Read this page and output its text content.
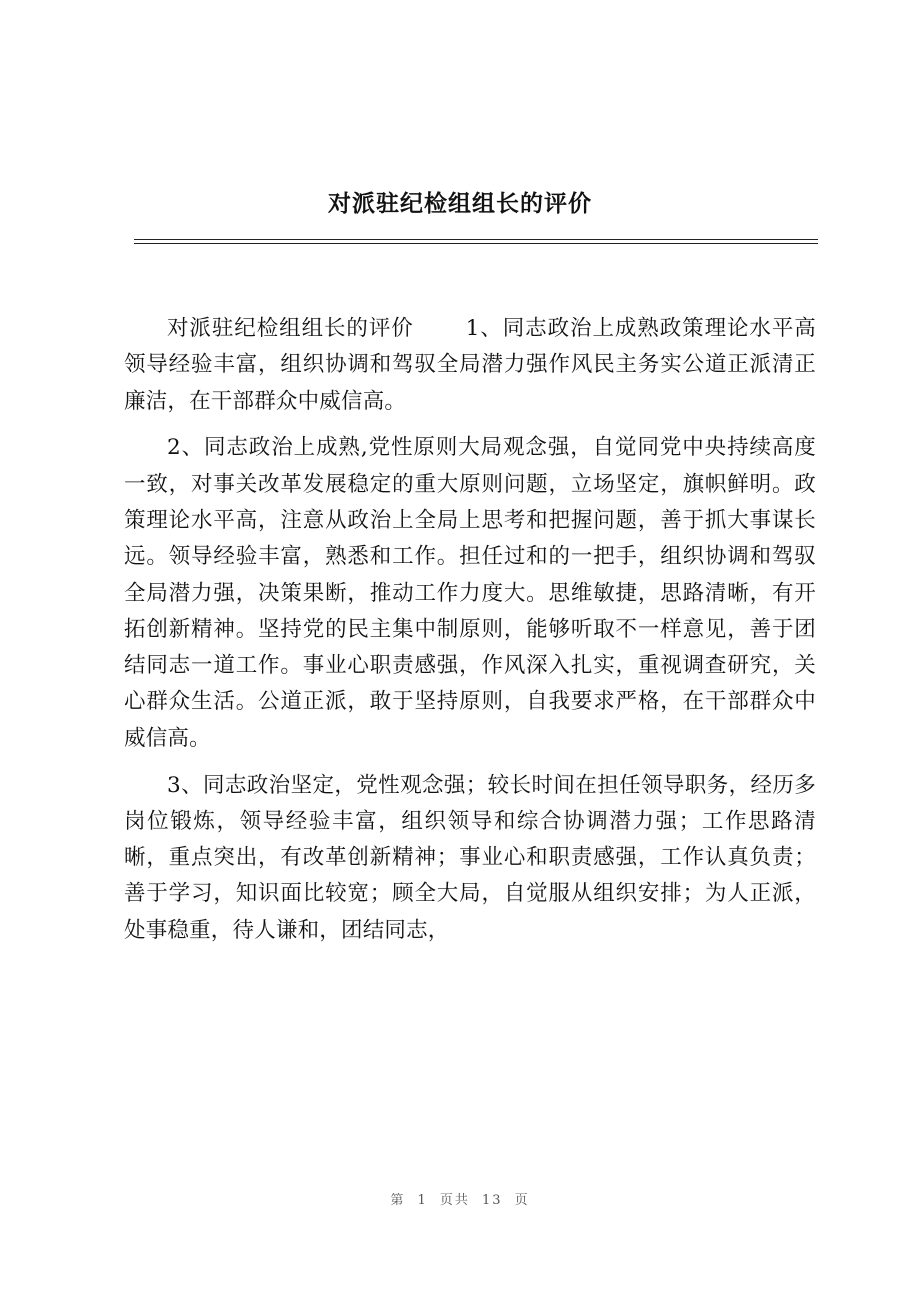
对派驻纪检组组长的评价

对派驻纪检组组长的评价 1、同志政治上成熟政策理论水平高领导经验丰富，组织协调和驾驭全局潜力强作风民主务实公道正派清正廉洁，在干部群众中威信高。

2、同志政治上成熟,党性原则大局观念强，自觉同党中央持续高度一致，对事关改革发展稳定的重大原则问题，立场坚定，旗帜鲜明。政策理论水平高，注意从政治上全局上思考和把握问题，善于抓大事谋长远。领导经验丰富，熟悉和工作。担任过和的一把手，组织协调和驾驭全局潜力强，决策果断，推动工作力度大。思维敏捷，思路清晰，有开拓创新精神。坚持党的民主集中制原则，能够听取不一样意见，善于团结同志一道工作。事业心职责感强，作风深入扎实，重视调查研究，关心群众生活。公道正派，敢于坚持原则，自我要求严格，在干部群众中威信高。

3、同志政治坚定，党性观念强；较长时间在担任领导职务，经历多岗位锻炼，领导经验丰富，组织领导和综合协调潜力强；工作思路清晰，重点突出，有改革创新精神；事业心和职责感强，工作认真负责；善于学习，知识面比较宽；顾全大局，自觉服从组织安排；为人正派，处事稳重，待人谦和，团结同志，

第 1 页共 13 页
